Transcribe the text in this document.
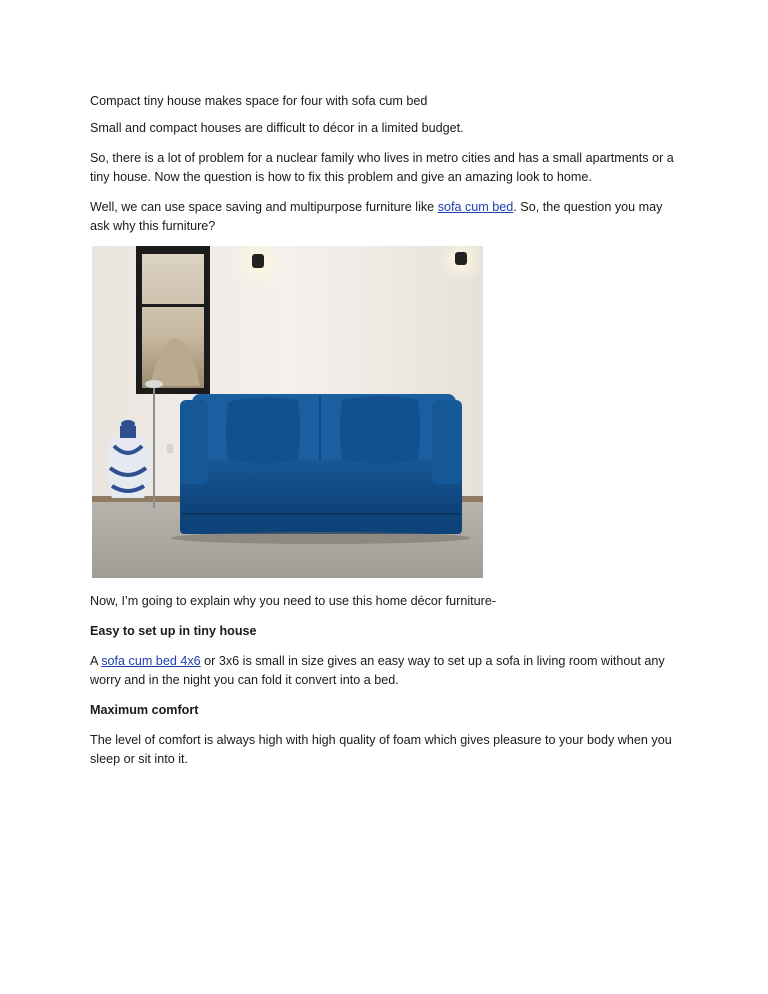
Compact tiny house makes space for four with sofa cum bed

Small and compact houses are difficult to décor in a limited budget.

So, there is a lot of problem for a nuclear family who lives in metro cities and has a small apartments or a tiny house. Now the question is how to fix this problem and give an amazing look to home.

Well, we can use space saving and multipurpose furniture like sofa cum bed. So, the question you may ask why this furniture?

Now, I’m going to explain why you need to use this home décor furniture-

Easy to set up in tiny house

A sofa cum bed 4x6 or 3x6 is small in size gives an easy way to set up a sofa in living room without any worry and in the night you can fold it convert into a bed.

Maximum comfort

The level of comfort is always high with high quality of foam which gives pleasure to your body when you sleep or sit into it.
